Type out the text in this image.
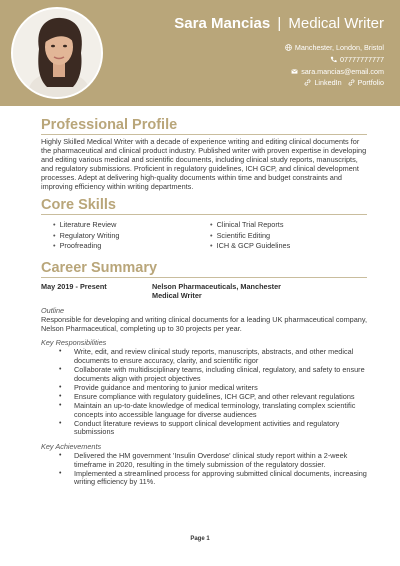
Sara Mancias | Medical Writer
Manchester, London, Bristol
07777777777
sara.mancias@email.com
LinkedIn Portfolio
Professional Profile

Highly Skilled Medical Writer with a decade of experience writing and editing clinical documents for the pharmaceutical and clinical product industry. Published writer with proven expertise in developing and editing various medical and scientific documents, including clinical study reports, manuscripts, and regulatory submissions. Proficient in regulatory guidelines, ICH GCP, and clinical development processes. Adept at delivering high-quality documents within time and budget constraints and improving efficiency within writing departments.

Core Skills
• Literature Review
• Regulatory Writing
• Proofreading
• Clinical Trial Reports
• Scientific Editing
• ICH & GCP Guidelines
Career Summary
May 2019 - Present	Nelson Pharmaceuticals, Manchester
Medical Writer
Outline

Responsible for developing and writing clinical documents for a leading UK pharmaceutical company, Nelson Pharmaceutical, completing up to 30 projects per year.

Key Responsibilities
• Write, edit, and review clinical study reports, manuscripts, abstracts, and other medical documents to ensure accuracy, clarity, and scientific rigor
• Collaborate with multidisciplinary teams, including clinical, regulatory, and safety to ensure documents align with project objectives
• Provide guidance and mentoring to junior medical writers
• Ensure compliance with regulatory guidelines, ICH GCP, and other relevant regulations
• Maintain an up-to-date knowledge of medical terminology, translating complex scientific concepts into accessible language for diverse audiences
• Conduct literature reviews to support clinical development activities and regulatory submissions
Key Achievements
• Delivered the HM government 'Insulin Overdose' clinical study report within a 2-week timeframe in 2020, resulting in the timely submission of the regulatory dossier.
• Implemented a streamlined process for approving submitted clinical documents, increasing writing efficiency by 11%.
Page 1
